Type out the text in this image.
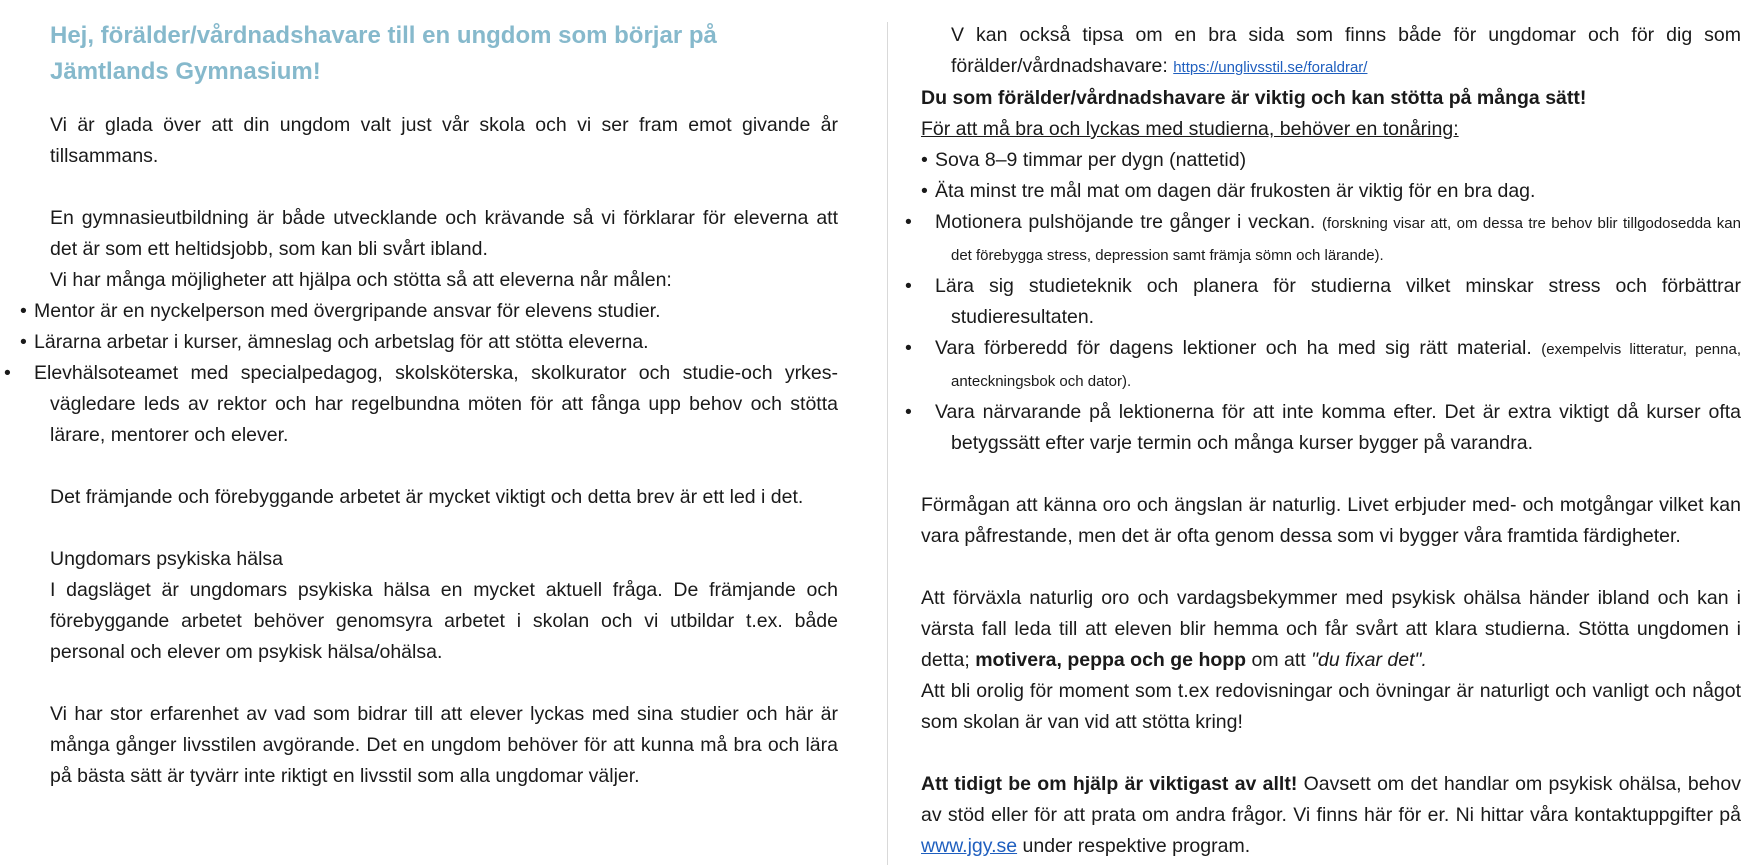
Hej, förälder/vårdnadshavare till en ungdom som börjar på Jämtlands Gymnasium!

Vi är glada över att din ungdom valt just vår skola och vi ser fram emot givande år tillsammans.

En gymnasieutbildning är både utvecklande och krävande så vi förklarar för eleverna att det är som ett heltidsjobb, som kan bli svårt ibland.

Vi har många möjligheter att hjälpa och stötta så att eleverna når målen:

• Mentor är en nyckelperson med övergripande ansvar för elevens studier.
• Lärarna arbetar i kurser, ämneslag och arbetslag för att stötta eleverna.
•	Elevhälsoteamet med specialpedagog, skolsköterska, skolkurator och studie-och yrkes-vägledare leds av rektor och har regelbundna möten för att fånga upp behov och stötta lärare, mentorer och elever.

Det främjande och förebyggande arbetet är mycket viktigt och detta brev är ett led i det.

Ungdomars psykiska hälsa

I dagsläget är ungdomars psykiska hälsa en mycket aktuell fråga. De främjande och förebyggande arbetet behöver genomsyra arbetet i skolan och vi utbildar t.ex. både personal och elever om psykisk hälsa/ohälsa.

Vi har stor erfarenhet av vad som bidrar till att elever lyckas med sina studier och här är många gånger livsstilen avgörande. Det en ungdom behöver för att kunna må bra och lära på bästa sätt är tyvärr inte riktigt en livsstil som alla ungdomar väljer.

V kan också tipsa om en bra sida som finns både för ungdomar och för dig som förälder/vårdnadshavare: https://unglivsstil.se/foraldrar/

Du som förälder/vårdnadshavare är viktig och kan stötta på många sätt!

För att må bra och lyckas med studierna, behöver en tonåring:

• Sova 8–9 timmar per dygn (nattetid)
• Äta minst tre mål mat om dagen där frukosten är viktig för en bra dag.
•	Motionera pulshöjande tre gånger i veckan. (forskning visar att, om dessa tre behov blir tillgodosedda kan det förebygga stress, depression samt främja sömn och lärande).
•	Lära sig studieteknik och planera för studierna vilket minskar stress och förbättrar studieresultaten.
•	Vara förberedd för dagens lektioner och ha med sig rätt material. (exempelvis litteratur, penna, anteckningsbok och dator).
•	Vara närvarande på lektionerna för att inte komma efter. Det är extra viktigt då kurser ofta betygssätt efter varje termin och många kurser bygger på varandra.

Förmågan att känna oro och ängslan är naturlig. Livet erbjuder med- och motgångar vilket kan vara påfrestande, men det är ofta genom dessa som vi bygger våra framtida färdigheter.

Att förväxla naturlig oro och vardagsbekymmer med psykisk ohälsa händer ibland och kan i värsta fall leda till att eleven blir hemma och får svårt att klara studierna. Stötta ungdomen i detta; motivera, peppa och ge hopp om att "du fixar det".

Att bli orolig för moment som t.ex redovisningar och övningar är naturligt och vanligt och något som skolan är van vid att stötta kring!

Att tidigt be om hjälp är viktigast av allt! Oavsett om det handlar om psykisk ohälsa, behov av stöd eller för att prata om andra frågor. Vi finns här för er. Ni hittar våra kontaktuppgifter på www.jgy.se under respektive program.
